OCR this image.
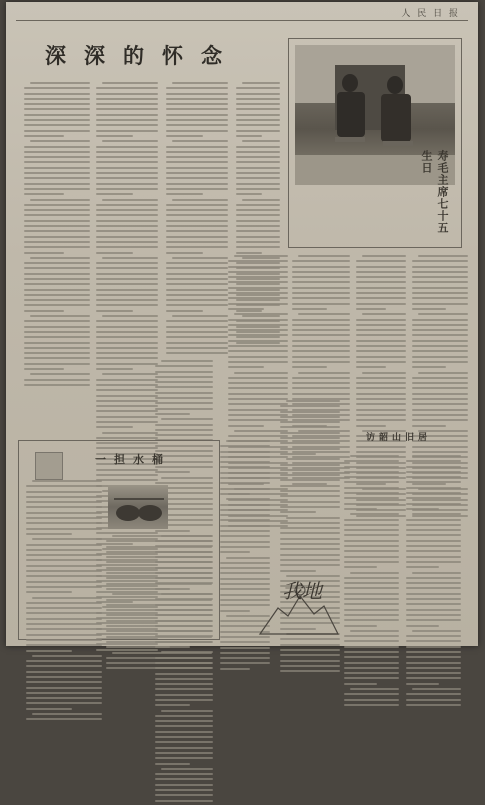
人 民 日 报
深深的怀念
寿毛主席七十五生日
一担水桶
访韶山旧居
我地
